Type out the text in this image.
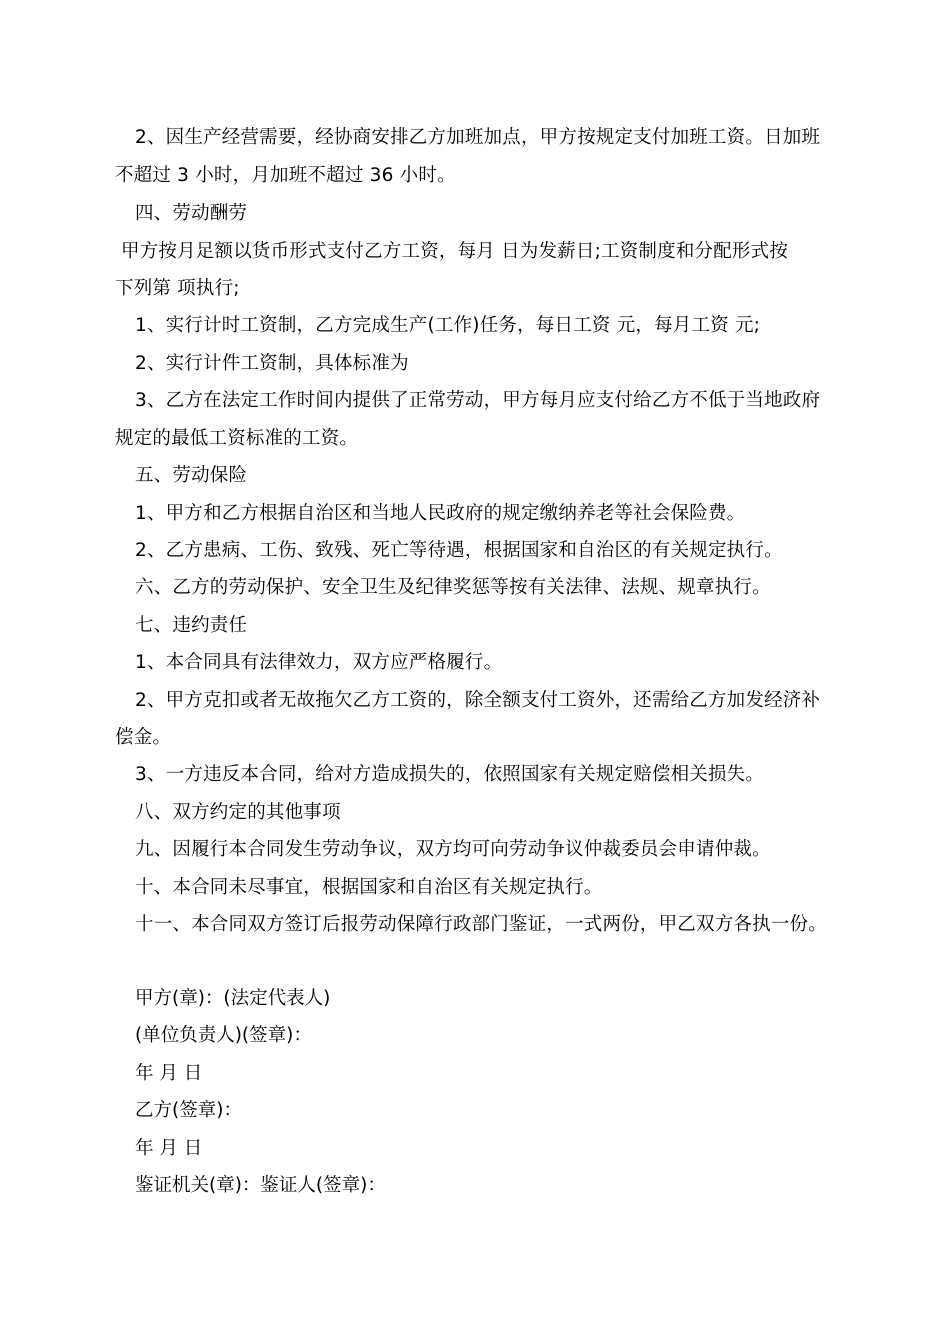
2、因生产经营需要，经协商安排乙方加班加点，甲方按规定支付加班工资。日加班
不超过 3 小时，月加班不超过 36 小时。
四、劳动酬劳
甲方按月足额以货币形式支付乙方工资，每月 日为发薪日;工资制度和分配形式按
下列第 项执行;
1、实行计时工资制，乙方完成生产(工作)任务，每日工资 元，每月工资 元;
2、实行计件工资制，具体标准为
3、乙方在法定工作时间内提供了正常劳动，甲方每月应支付给乙方不低于当地政府
规定的最低工资标准的工资。
五、劳动保险
1、甲方和乙方根据自治区和当地人民政府的规定缴纳养老等社会保险费。
2、乙方患病、工伤、致残、死亡等待遇，根据国家和自治区的有关规定执行。
六、乙方的劳动保护、安全卫生及纪律奖惩等按有关法律、法规、规章执行。
七、违约责任
1、本合同具有法律效力，双方应严格履行。
2、甲方克扣或者无故拖欠乙方工资的，除全额支付工资外，还需给乙方加发经济补
偿金。
3、一方违反本合同，给对方造成损失的，依照国家有关规定赔偿相关损失。
八、双方约定的其他事项
九、因履行本合同发生劳动争议，双方均可向劳动争议仲裁委员会申请仲裁。
十、本合同未尽事宜，根据国家和自治区有关规定执行。
十一、本合同双方签订后报劳动保障行政部门鉴证，一式两份，甲乙双方各执一份。
甲方(章)：(法定代表人)
(单位负责人)(签章)：
年 月 日
乙方(签章)：
年 月 日
鉴证机关(章)：鉴证人(签章)：
